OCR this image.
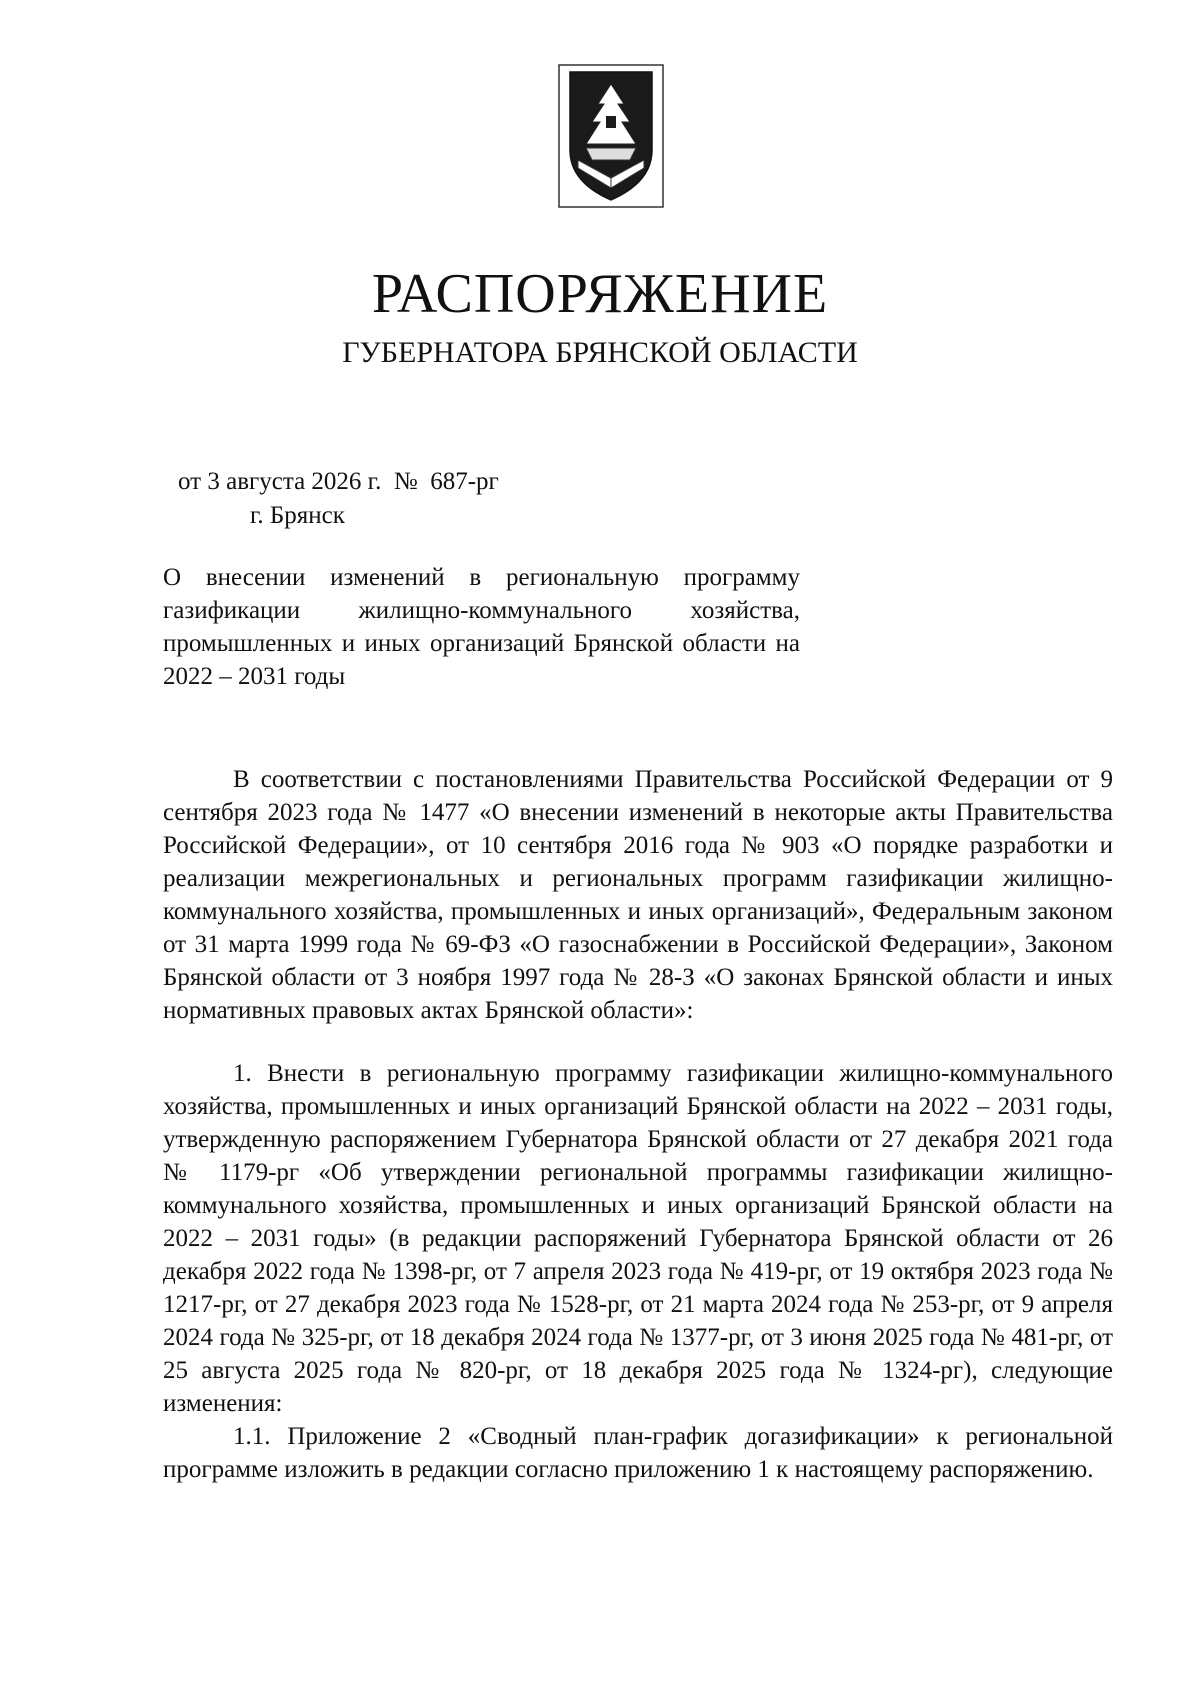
РАСПОРЯЖЕНИЕ
ГУБЕРНАТОРА БРЯНСКОЙ ОБЛАСТИ
от 3 августа 2026 г.  №  687-рг
г. Брянск
О внесении изменений в региональную программу газификации жилищно-коммунального хозяйства, промышленных и иных организаций Брянской области на 2022 – 2031 годы

В соответствии с постановлениями Правительства Российской Федерации от 9 сентября 2023 года № 1477 «О внесении изменений в некоторые акты Правительства Российской Федерации», от 10 сентября 2016 года № 903 «О порядке разработки и реализации межрегиональных и региональных программ газификации жилищно-коммунального хозяйства, промышленных и иных организаций», Федеральным законом от 31 марта 1999 года № 69-ФЗ «О газоснабжении в Российской Федерации», Законом Брянской области от 3 ноября 1997 года № 28-З «О законах Брянской области и иных нормативных правовых актах Брянской области»:

1. Внести в региональную программу газификации жилищно-коммунального хозяйства, промышленных и иных организаций Брянской области на 2022 – 2031 годы, утвержденную распоряжением Губернатора Брянской области от 27 декабря 2021 года № 1179-рг «Об утверждении региональной программы газификации жилищно-коммунального хозяйства, промышленных и иных организаций Брянской области на 2022 – 2031 годы» (в редакции распоряжений Губернатора Брянской области от 26 декабря 2022 года № 1398-рг, от 7 апреля 2023 года № 419-рг, от 19 октября 2023 года № 1217-рг, от 27 декабря 2023 года № 1528-рг, от 21 марта 2024 года № 253-рг, от 9 апреля 2024 года № 325-рг, от 18 декабря 2024 года № 1377-рг, от 3 июня 2025 года № 481-рг, от 25 августа 2025 года № 820-рг, от 18 декабря 2025 года № 1324-рг), следующие изменения:

1.1. Приложение 2 «Сводный план-график догазификации» к региональной программе изложить в редакции согласно приложению 1 к настоящему распоряжению.
